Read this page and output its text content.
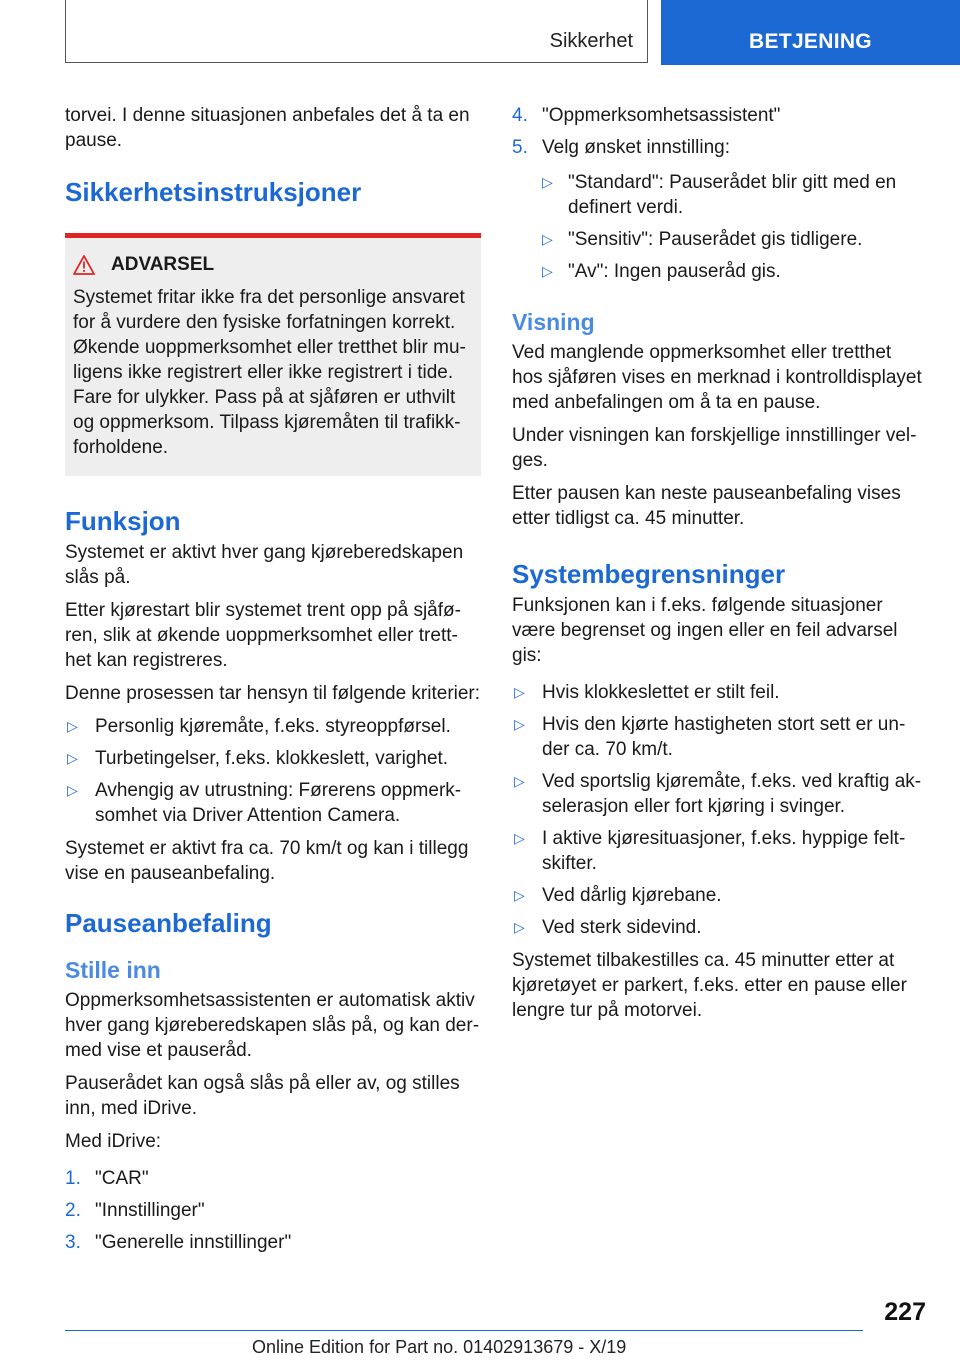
Sikkerhet	BETJENING

torvei. I denne situasjonen anbefales det å ta en pause.

Sikkerhetsinstruksjoner
ADVARSEL
Systemet fritar ikke fra det personlige ansvaret for å vurdere den fysiske forfatningen korrekt. Økende uoppmerksomhet eller tretthet blir mu-ligens ikke registrert eller ikke registrert i tide. Fare for ulykker. Pass på at sjåføren er uthvilt og oppmerksom. Tilpass kjøremåten til trafikk-forholdene.
Funksjon

Systemet er aktivt hver gang kjøreberedskapen slås på.

Etter kjørestart blir systemet trent opp på sjåfø-ren, slik at økende uoppmerksomhet eller trett-het kan registreres.

Denne prosessen tar hensyn til følgende kriterier:

▷ Personlig kjøremåte, f.eks. styreoppførsel.
▷ Turbetingelser, f.eks. klokkeslett, varighet.
▷ Avhengig av utrustning: Førerens oppmerk-somhet via Driver Attention Camera.

Systemet er aktivt fra ca. 70 km/t og kan i tillegg vise en pauseanbefaling.

Pauseanbefaling
Stille inn

Oppmerksomhetsassistenten er automatisk aktiv hver gang kjøreberedskapen slås på, og kan der-med vise et pauseråd.

Pauserådet kan også slås på eller av, og stilles inn, med iDrive.

Med iDrive:

1. "CAR"
2. "Innstillinger"
3. "Generelle innstillinger"
4. "Oppmerksomhetsassistent"
5. Velg ønsket innstilling:
▷ "Standard": Pauserådet blir gitt med en definert verdi.
▷ "Sensitiv": Pauserådet gis tidligere.
▷ "Av": Ingen pauseråd gis.
Visning

Ved manglende oppmerksomhet eller tretthet hos sjåføren vises en merknad i kontrolldisplayet med anbefalingen om å ta en pause.

Under visningen kan forskjellige innstillinger vel-ges.

Etter pausen kan neste pauseanbefaling vises etter tidligst ca. 45 minutter.

Systembegrensninger

Funksjonen kan i f.eks. følgende situasjoner være begrenset og ingen eller en feil advarsel gis:

▷ Hvis klokkeslettet er stilt feil.
▷ Hvis den kjørte hastigheten stort sett er un-der ca. 70 km/t.
▷ Ved sportslig kjøremåte, f.eks. ved kraftig ak-selerasjon eller fort kjøring i svinger.
▷ I aktive kjøresituasjoner, f.eks. hyppige felt-skifter.
▷ Ved dårlig kjørebane.
▷ Ved sterk sidevind.

Systemet tilbakestilles ca. 45 minutter etter at kjøretøyet er parkert, f.eks. etter en pause eller lengre tur på motorvei.

227
Online Edition for Part no. 01402913679 - X/19
